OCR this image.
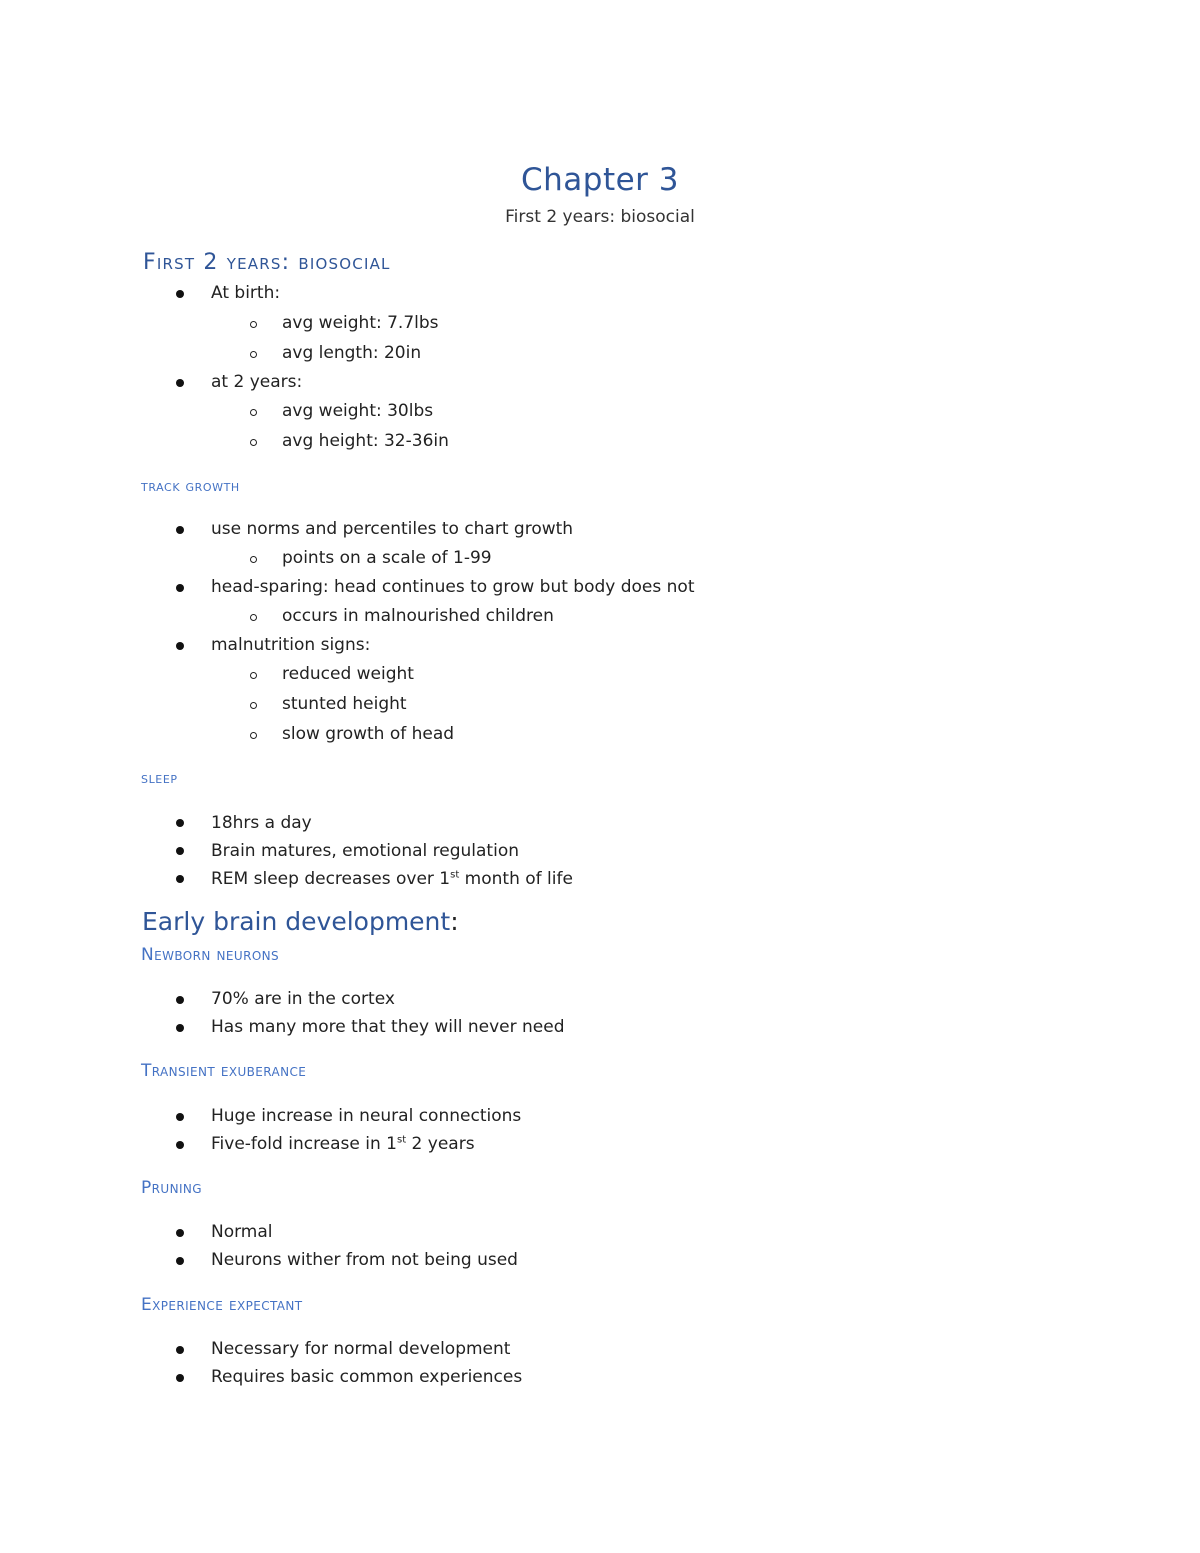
Chapter 3
First 2 years: biosocial
First 2 years: biosocial
At birth:
avg weight: 7.7lbs
avg length: 20in
at 2 years:
avg weight: 30lbs
avg height: 32-36in
track growth
use norms and percentiles to chart growth
points on a scale of 1-99
head-sparing: head continues to grow but body does not
occurs in malnourished children
malnutrition signs:
reduced weight
stunted height
slow growth of head
sleep
18hrs a day
Brain matures, emotional regulation
REM sleep decreases over 1st month of life
Early brain development:
Newborn neurons
70% are in the cortex
Has many more that they will never need
Transient exuberance
Huge increase in neural connections
Five-fold increase in 1st 2 years
Pruning
Normal
Neurons wither from not being used
Experience expectant
Necessary for normal development
Requires basic common experiences
